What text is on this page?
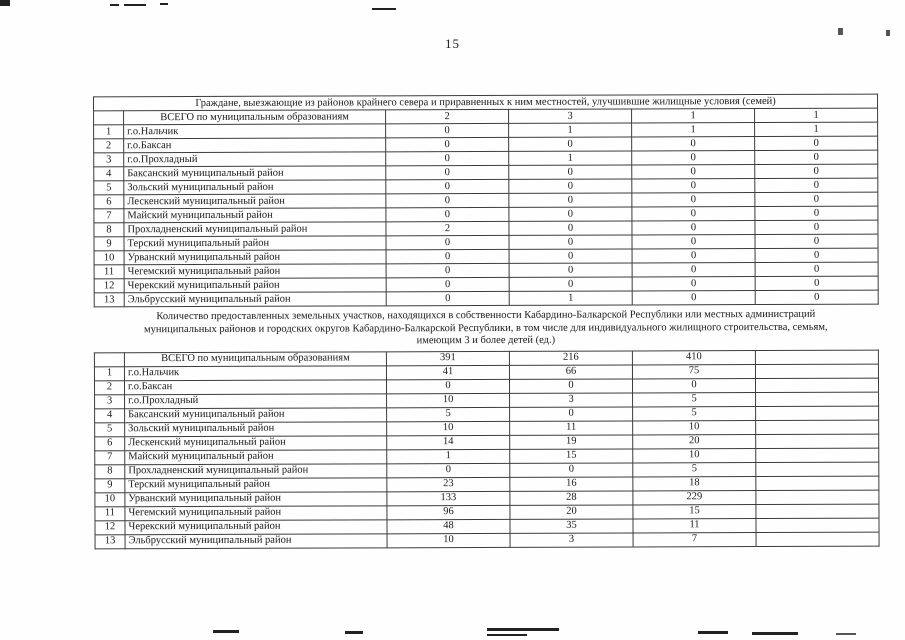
15
Граждане, выезжающие из районов крайнего севера и приравненных к ним местностей, улучшившие жилищные условия (семей)					
	ВСЕГО по муниципальным образованиям	2	3	1	1
1	г.о.Нальчик	0	1	1	1
2	г.о.Баксан	0	0	0	0
3	г.о.Прохладный	0	1	0	0
4	Баксанский муниципальный район	0	0	0	0
5	Зольский муниципальный район	0	0	0	0
6	Лескенский муниципальный район	0	0	0	0
7	Майский муниципальный район	0	0	0	0
8	Прохладненский муниципальный район	2	0	0	0
9	Терский муниципальный район	0	0	0	0
10	Урванский муниципальный район	0	0	0	0
11	Чегемский муниципальный район	0	0	0	0
12	Черекский муниципальный район	0	0	0	0
13	Эльбрусский муниципальный район	0	1	0	0
Количество предоставленных земельных участков, находящихся в собственности Кабардино-Балкарской Республики или местных администраций муниципальных районов и городских округов Кабардино-Балкарской Республики, в том числе для индивидуального жилищного строительства, семьям, имеющим 3 и более детей (ед.)
	ВСЕГО по муниципальным образованиям	391	216	410	
1	г.о.Нальчик	41	66	75	
2	г.о.Баксан	0	0	0	
3	г.о.Прохладный	10	3	5	
4	Баксанский муниципальный район	5	0	5	
5	Зольский муниципальный район	10	11	10	
6	Лескенский муниципальный район	14	19	20	
7	Майский муниципальный район	1	15	10	
8	Прохладненский муниципальный район	0	0	5	
9	Терский муниципальный район	23	16	18	
10	Урванский муниципальный район	133	28	229	
11	Чегемский муниципальный район	96	20	15	
12	Черекский муниципальный район	48	35	11	
13	Эльбрусский муниципальный район	10	3	7	
